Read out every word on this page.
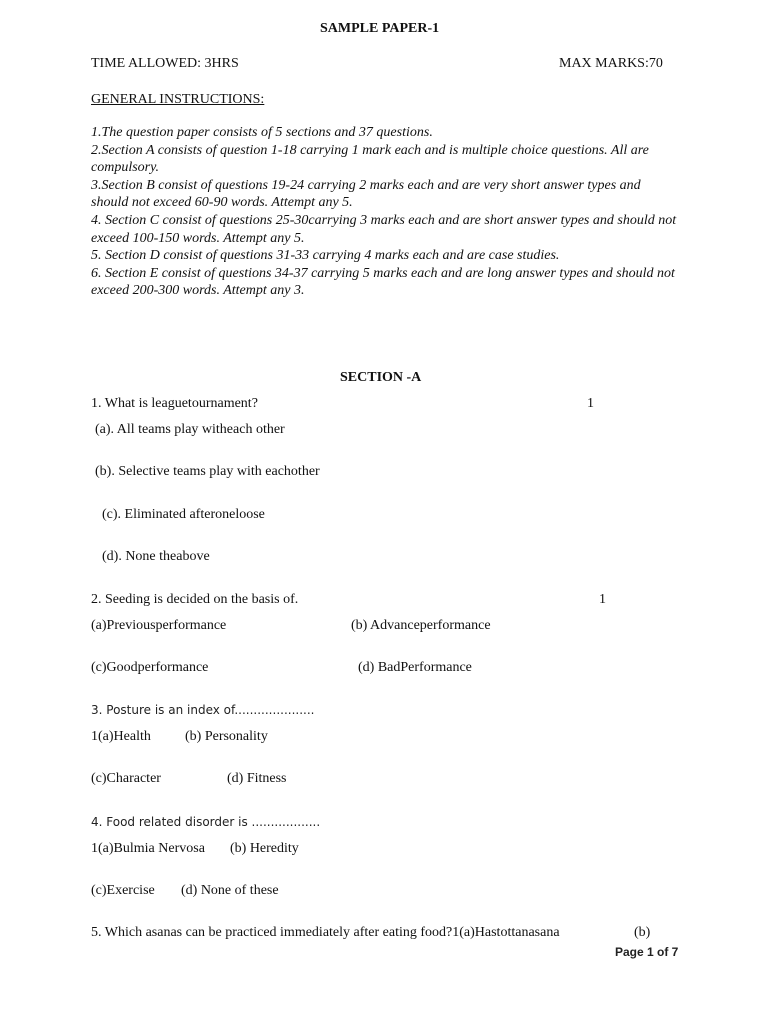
SAMPLE PAPER-1
TIME ALLOWED: 3HRS	MAX MARKS:70
GENERAL INSTRUCTIONS:
1.The question paper consists of 5 sections and 37 questions.
2.Section A consists of question 1-18 carrying 1 mark each and is multiple choice questions. All are compulsory.
3.Section B consist of questions 19-24 carrying 2 marks each and are very short answer types and should not exceed 60-90 words. Attempt any 5.
4. Section C consist of questions 25-30carrying 3 marks each and are short answer types and should not exceed 100-150 words. Attempt any 5.
5. Section D consist of questions 31-33 carrying 4 marks each and are case studies.
6. Section E consist of questions 34-37 carrying 5 marks each and are long answer types and should not exceed 200-300 words. Attempt any 3.
SECTION -A
1. What is leaguetournament?	1
(a). All teams play witheach other
(b). Selective teams play with eachother
(c). Eliminated afteroneloose
(d). None theabove
2. Seeding is decided on the basis of.	1
(a)Previousperformance	(b) Advanceperformance
(c)Goodperformance	(d) BadPerformance
3. Posture is an index of.....................
1(a)Health (b) Personality
(c)Character	(d) Fitness
4. Food related disorder is ..................
1(a)Bulmia Nervosa (b) Heredity
(c)Exercise (d) None of these
5. Which asanas can be practiced immediately after eating food?1(a)Hastottanasana	(b)
Page 1 of 7
